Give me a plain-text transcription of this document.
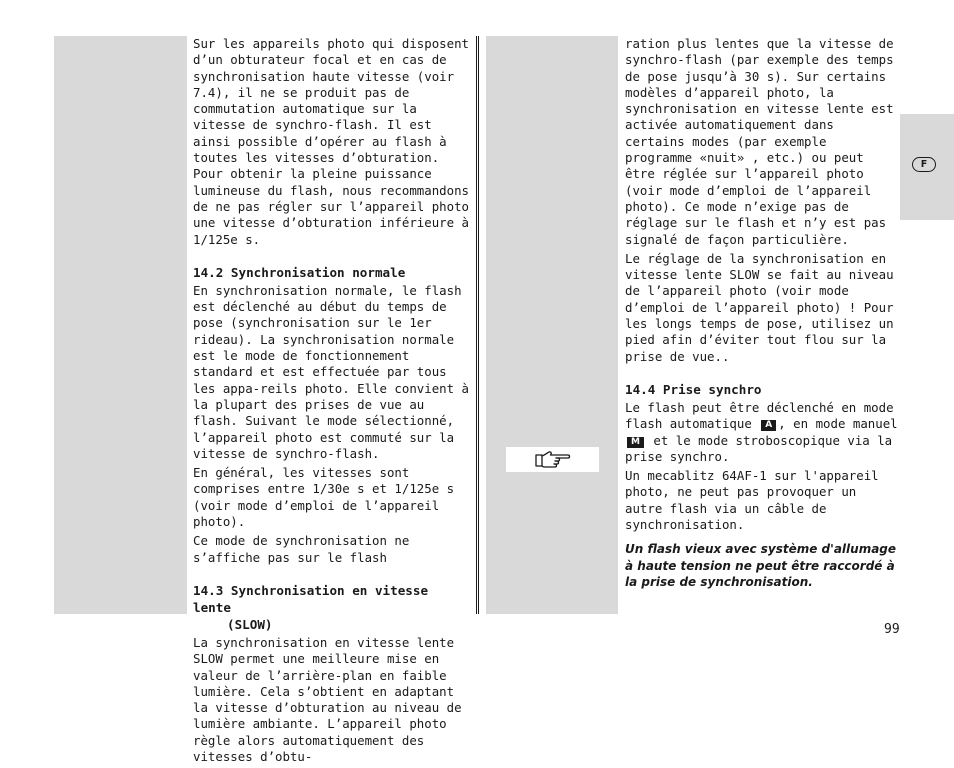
Sur les appareils photo qui disposent d’un obturateur focal et en cas de synchronisation haute vitesse (voir 7.4), il ne se produit pas de commutation automatique sur la vitesse de synchro-flash. Il est ainsi possible d’opérer au flash à toutes les vitesses d’obturation. Pour obtenir la pleine puissance lumineuse du flash, nous recommandons de ne pas régler sur l’appareil photo une vitesse d’obturation inférieure à 1/125e s.

14.2 Synchronisation normale

En synchronisation normale, le flash est déclenché au début du temps de pose (synchronisation sur le 1er rideau). La synchronisation normale est le mode de fonctionnement standard et est effectuée par tous les appa-reils photo. Elle convient à la plupart des prises de vue au flash. Suivant le mode sélectionné, l’appareil photo est commuté sur la vitesse de synchro-flash.

En général, les vitesses sont comprises entre 1/30e s et 1/125e s (voir mode d’emploi de l’appareil photo).

Ce mode de synchronisation ne s’affiche pas sur le flash

14.3 Synchronisation en vitesse lente
(SLOW)

La synchronisation en vitesse lente SLOW permet une meilleure mise en valeur de l’arrière-plan en faible lumière. Cela s’obtient en adaptant la vitesse d’obturation au niveau de lumière ambiante. L’appareil photo règle alors automatiquement des vitesses d’obtu-

ration plus lentes que la vitesse de synchro-flash (par exemple des temps de pose jusqu’à 30 s). Sur certains modèles d’appareil photo, la synchronisation en vitesse lente est activée automatiquement dans certains modes (par exemple programme «nuit» , etc.) ou peut être réglée sur l’appareil photo (voir mode d’emploi de l’appareil photo). Ce mode n’exige pas de réglage sur le flash et n’y est pas signalé de façon particulière.

Le réglage de la synchronisation en vitesse lente SLOW se fait au niveau de l’appareil photo (voir mode d’emploi de l’appareil photo) ! Pour les longs temps de pose, utilisez un pied afin d’éviter tout flou sur la prise de vue..

14.4 Prise synchro

Le flash peut être déclenché en mode flash automatique A , en mode manuel M et le mode stroboscopique via la prise synchro.

Un mecablitz 64AF-1 sur l'appareil photo, ne peut pas provoquer un autre flash via un câble de synchronisation.

Un flash vieux avec système d'allumage à haute tension ne peut être raccordé à la prise de synchronisation.

F
99
